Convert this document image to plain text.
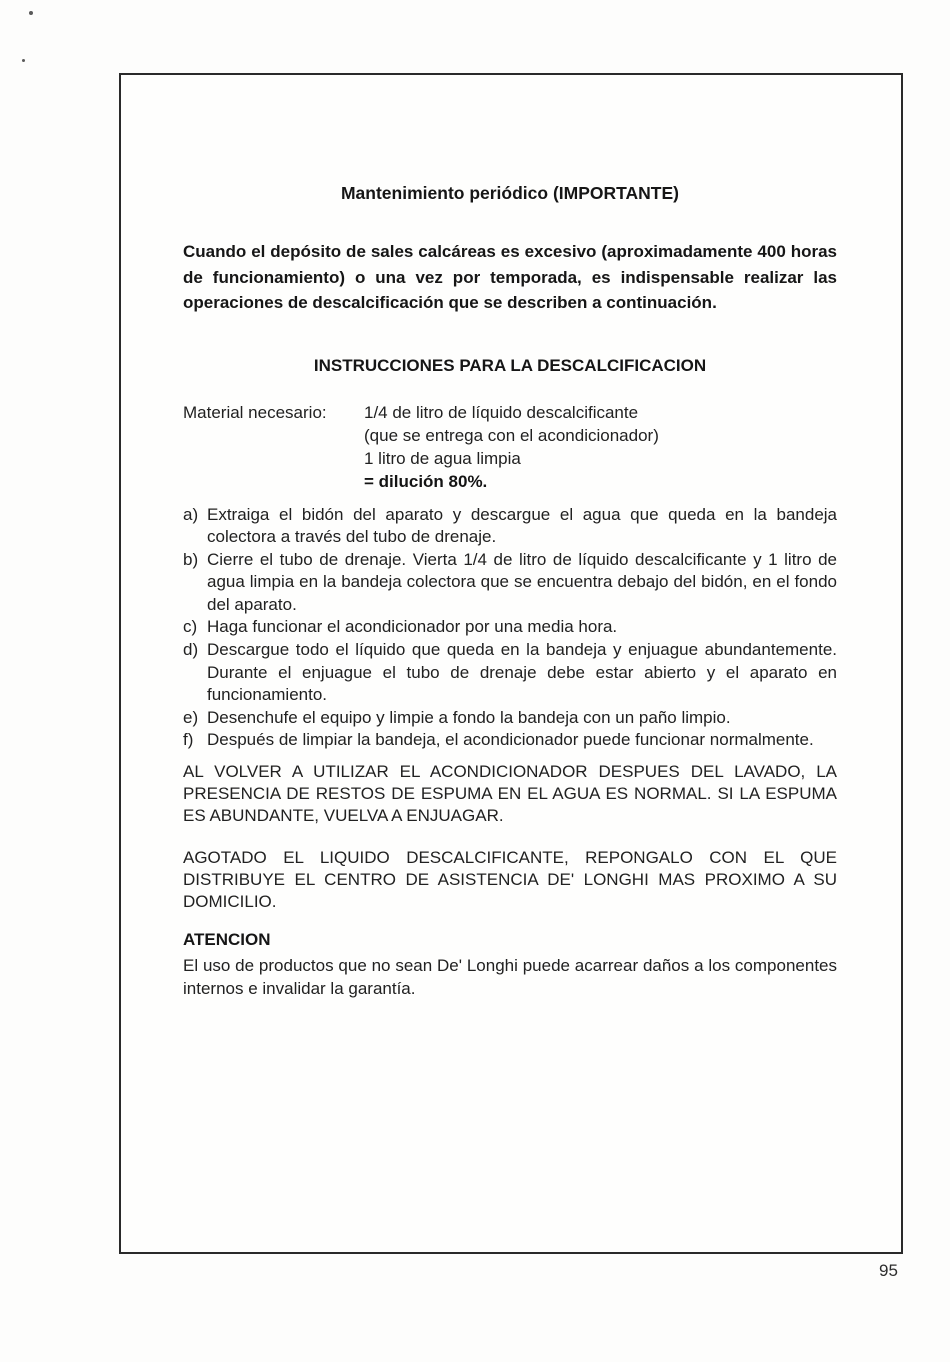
Mantenimiento periódico (IMPORTANTE)

Cuando el depósito de sales calcáreas es excesivo (aproximadamente 400 horas de funcionamiento) o una vez por temporada, es indispensable realizar las operaciones de descalcificación que se describen a continuación.

INSTRUCCIONES PARA LA DESCALCIFICACION
Material necesario:	1/4 de litro de líquido descalcificante
(que se entrega con el acondicionador)
1 litro de agua limpia
= dilución 80%.
a) Extraiga el bidón del aparato y descargue el agua que queda en la bandeja colectora a través del tubo de drenaje.
b) Cierre el tubo de drenaje. Vierta 1/4 de litro de líquido descalcificante y 1 litro de agua limpia en la bandeja colectora que se encuentra debajo del bidón, en el fondo del aparato.
c) Haga funcionar el acondicionador por una media hora.
d) Descargue todo el líquido que queda en la bandeja y enjuague abundantemente. Durante el enjuague el tubo de drenaje debe estar abierto y el aparato en funcionamiento.
e) Desenchufe el equipo y limpie a fondo la bandeja con un paño limpio.
f) Después de limpiar la bandeja, el acondicionador puede funcionar normalmente.

AL VOLVER A UTILIZAR EL ACONDICIONADOR DESPUES DEL LAVADO, LA PRESENCIA DE RESTOS DE ESPUMA EN EL AGUA ES NORMAL. SI LA ESPUMA ES ABUNDANTE, VUELVA A ENJUAGAR.

AGOTADO EL LIQUIDO DESCALCIFICANTE, REPONGALO CON EL QUE DISTRIBUYE EL CENTRO DE ASISTENCIA DE' LONGHI MAS PROXIMO A SU DOMICILIO.

ATENCION

El uso de productos que no sean De' Longhi puede acarrear daños a los componentes internos e invalidar la garantía.

95
